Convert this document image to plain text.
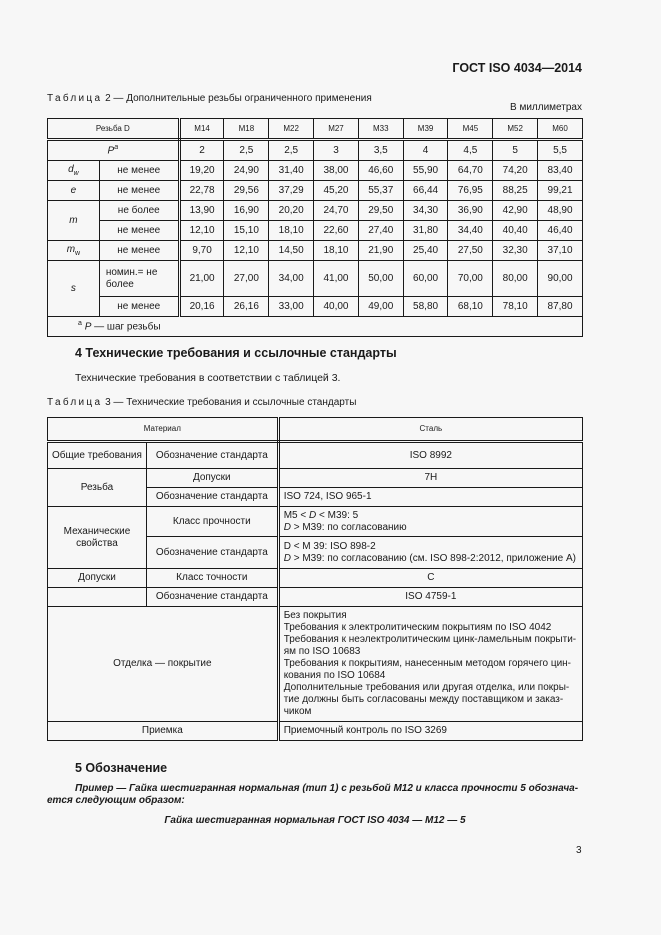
ГОСТ ISO 4034—2014
Таблица 2 — Дополнительные резьбы ограниченного применения
В миллиметрах
Резьба D		M14	M18	M22	M27	M33	M39	M45	M52	M60
$P^a$		2	2,5	2,5	3	3,5	4	4,5	5	5,5
$d_w$	не менее	19,20	24,90	31,40	38,00	46,60	55,90	64,70	74,20	83,40
e	не менее	22,78	29,56	37,29	45,20	55,37	66,44	76,95	88,25	99,21
m	не более	13,90	16,90	20,20	24,70	29,50	34,30	36,90	42,90	48,90
	не менее	12,10	15,10	18,10	22,60	27,40	31,80	34,40	40,40	46,40
$m_w$	не менее	9,70	12,10	14,50	18,10	21,90	25,40	27,50	32,30	37,10
s	номин.= не более	21,00	27,00	34,00	41,00	50,00	60,00	70,00	80,00	90,00
	не менее	20,16	26,16	33,00	40,00	49,00	58,80	68,10	78,10	87,80
$^a$ P — шаг резьбы										
4 Технические требования и ссылочные стандарты
Технические требования в соответствии с таблицей 3.
Таблица 3 — Технические требования и ссылочные стандарты
Материал		Сталь
Общие требования	Обозначение стандарта	ISO 8992
Резьба	Допуски	7H
	Обозначение стандарта	ISO 724, ISO 965-1
Механические свойства	Класс прочности	M5 < D < M39: 5
D > M39: по согласованию

	Обозначение стандарта	D < M 39: ISO 898-2
D > M39: по согласованию (см. ISO 898-2:2012, приложение A)

Допуски	Класс точности	C
	Обозначение стандарта	ISO 4759-1
Отделка — покрытие		Без покрытия
Требования к электролитическим покрытиям по ISO 4042
Требования к неэлектролитическим цинк-ламельным покрыти-ям по ISO 10683
Требования к покрытиям, нанесенным методом горячего цин-кования по ISO 10684
Дополнительные требования или другая отделка, или покры-тие должны быть согласованы между поставщиком и заказ-чиком

Приемка		Приемочный контроль по ISO 3269
5 Обозначение
Пример — Гайка шестигранная нормальная (тип 1) с резьбой M12 и класса прочности 5 обознача-ется следующим образом:
Гайка шестигранная нормальная ГОСТ ISO 4034 — M12 — 5
3
